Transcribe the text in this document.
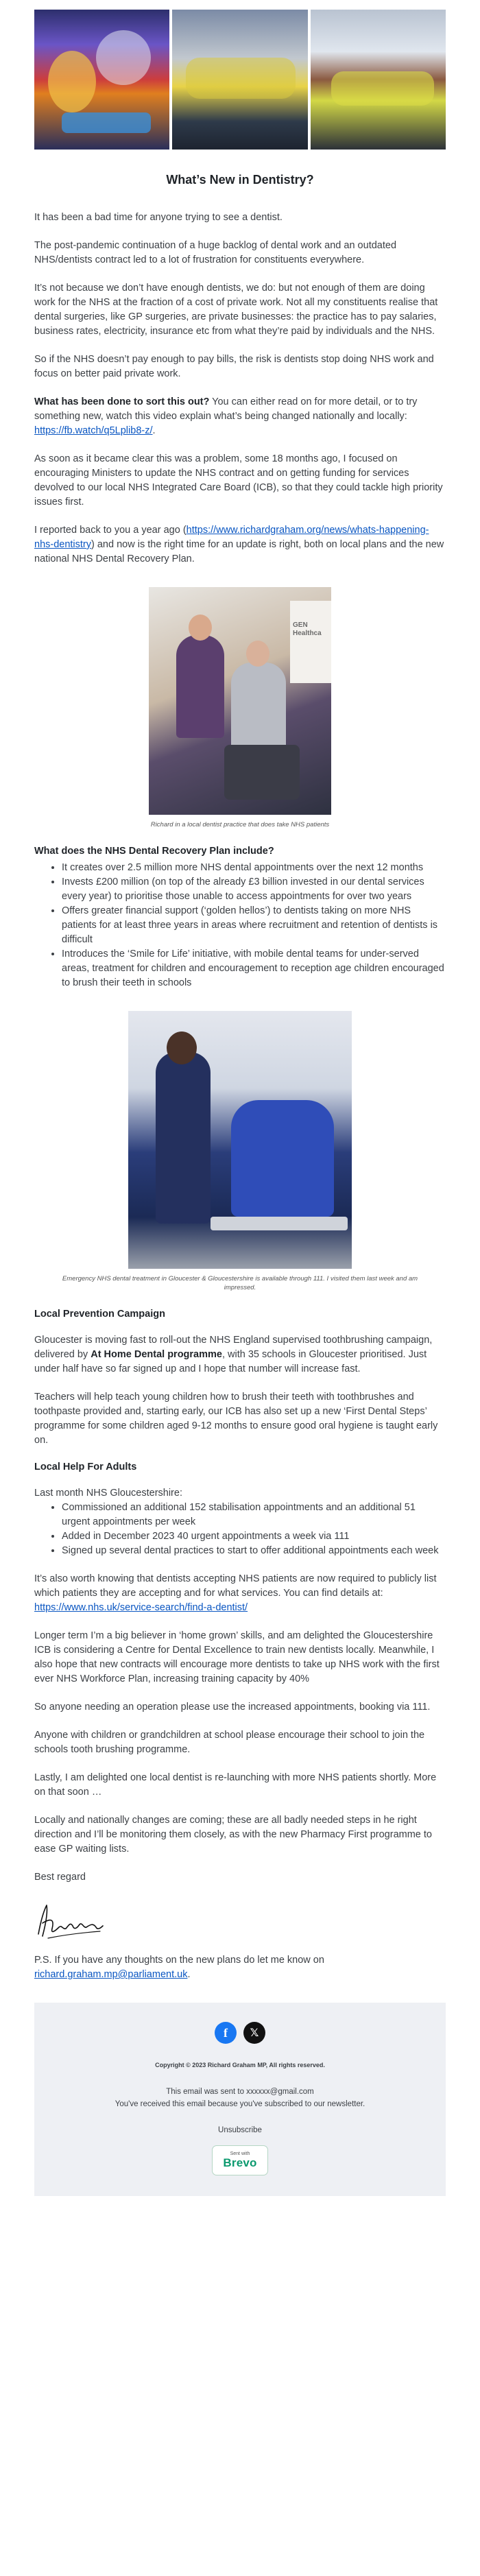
What’s New in Dentistry?

It has been a bad time for anyone trying to see a dentist.

The post-pandemic continuation of a huge backlog of dental work and an outdated NHS/dentists contract led to a lot of frustration for constituents everywhere.

It’s not because we don’t have enough dentists, we do: but not enough of them are doing work for the NHS at the fraction of a cost of private work. Not all my constituents realise that dental surgeries, like GP surgeries, are private businesses: the practice has to pay salaries, business rates, electricity, insurance etc from what they’re paid by individuals and the NHS.

So if the NHS doesn’t pay enough to pay bills, the risk is dentists stop doing NHS work and focus on better paid private work.

What has been done to sort this out? You can either read on for more detail, or to try something new, watch this video explain what’s being changed nationally and locally: https://fb.watch/q5Lplib8-z/.

As soon as it became clear this was a problem, some 18 months ago, I focused on encouraging Ministers to update the NHS contract and on getting funding for services devolved to our local NHS Integrated Care Board (ICB), so that they could tackle high priority issues first.

I reported back to you a year ago (https://www.richardgraham.org/news/whats-happening-nhs-dentistry) and now is the right time for an update is right, both on local plans and the new national NHS Dental Recovery Plan.

GEN Healthca
Richard in a local dentist practice that does take NHS patients
What does the NHS Dental Recovery Plan include?
• It creates over 2.5 million more NHS dental appointments over the next 12 months
• Invests £200 million (on top of the already £3 billion invested in our dental services every year) to prioritise those unable to access appointments for over two years
• Offers greater financial support (‘golden hellos’) to dentists taking on more NHS patients for at least three years in areas where recruitment and retention of dentists is difficult
• Introduces the ‘Smile for Life’ initiative, with mobile dental teams for under-served areas, treatment for children and encouragement to reception age children encouraged to brush their teeth in schools
Emergency NHS dental treatment in Gloucester & Gloucestershire is available through 111. I visited them last week and am impressed.
Local Prevention Campaign

Gloucester is moving fast to roll-out the NHS England supervised toothbrushing campaign, delivered by At Home Dental programme, with 35 schools in Gloucester prioritised. Just under half have so far signed up and I hope that number will increase fast.

Teachers will help teach young children how to brush their teeth with toothbrushes and toothpaste provided and, starting early, our ICB has also set up a new ‘First Dental Steps’ programme for some children aged 9-12 months to ensure good oral hygiene is taught early on.

Local Help For Adults

Last month NHS Gloucestershire:

• Commissioned an additional 152 stabilisation appointments and an additional 51 urgent appointments per week
• Added in December 2023 40 urgent appointments a week via 111
• Signed up several dental practices to start to offer additional appointments each week

It’s also worth knowing that dentists accepting NHS patients are now required to publicly list which patients they are accepting and for what services. You can find details at: https://www.nhs.uk/service-search/find-a-dentist/

Longer term I’m a big believer in ‘home grown’ skills, and am delighted the Gloucestershire ICB is considering a Centre for Dental Excellence to train new dentists locally. Meanwhile, I also hope that new contracts will encourage more dentists to take up NHS work with the first ever NHS Workforce Plan, increasing training capacity by 40%

So anyone needing an operation please use the increased appointments, booking via 111.

Anyone with children or grandchildren at school please encourage their school to join the schools tooth brushing programme.

Lastly, I am delighted one local dentist is re-launching with more NHS patients shortly. More on that soon …

Locally and nationally changes are coming; these are all badly needed steps in he right direction and I’ll be monitoring them closely, as with the new Pharmacy First programme to ease GP waiting lists.

Best regard

P.S. If you have any thoughts on the new plans do let me know on richard.graham.mp@parliament.uk.

f	𝕏
Copyright © 2023 Richard Graham MP, All rights reserved.

This email was sent to xxxxxx@gmail.com

You've received this email because you've subscribed to our newsletter.

Unsubscribe
Sent with
Brevo
